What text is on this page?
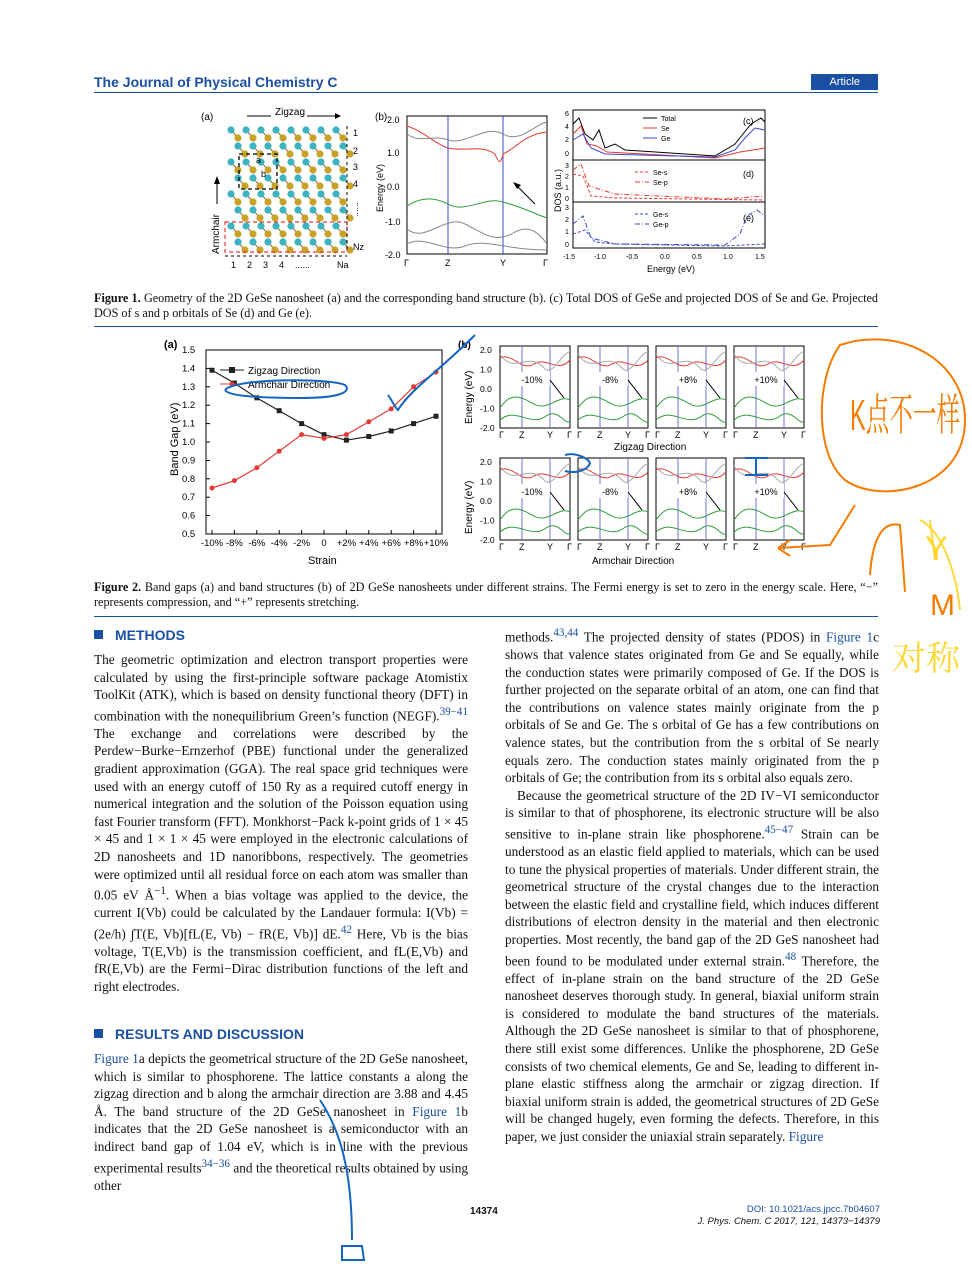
The Journal of Physical Chemistry C	Article
(a)	Zigzag
a
b
Armchair
1
2
3
4
......
Nz
1 2 3 4 ......	Na
(b)
Energy (eV)
2.0
1.0
0.0
-1.0
-2.0
Γ	Z	Y	Γ
DOS (a.u.)
6
4
2
0
3
2
1
0
3
2
1
0
Total
Se
Ge
(c)
Se-s
Se-p
(d)
Ge-s
Ge-p
(e)
-1.5	-1.0	-0.5	0.0	0.5	1.0	1.5
Energy (eV)
Figure 1. Geometry of the 2D GeSe nanosheet (a) and the corresponding band structure (b). (c) Total DOS of GeSe and projected DOS of Se and Ge. Projected DOS of s and p orbitals of Se (d) and Ge (e).
(a)
0.5
0.6
0.7
0.8
0.9
1.0
1.1
1.2
1.3
1.4
1.5
-10% -8% -6% -4% -2% 0 +2% +4% +6% +8% +10%
Band Gap (eV)
Strain
Zigzag Direction
Armchair Direction
(b)
Energy (eV)
Energy (eV)
Zigzag Direction
Armchair Direction
2.0
1.0
0.0
-1.0
-2.0
-10%
Γ Z	Y Γ
-8%
Γ Z	Y Γ
+8%
Γ Z	Y Γ
+10%
Γ Z	Y Γ
2.0
1.0
0.0
-1.0
-2.0
-10%
Γ Z	Y Γ
-8%
Γ Z	Y Γ
+8%
Γ Z	Y Γ
+10%
Γ Z	Y Γ
Figure 2. Band gaps (a) and band structures (b) of 2D GeSe nanosheets under different strains. The Fermi energy is set to zero in the energy scale. Here, “−” represents compression, and “+” represents stretching.
METHODS

The geometric optimization and electron transport properties were calculated by using the first-principle software package Atomistix ToolKit (ATK), which is based on density functional theory (DFT) in combination with the nonequilibrium Green’s function (NEGF).$^{39-41}$ The exchange and correlations were described by the Perdew−Burke−Ernzerhof (PBE) functional under the generalized gradient approximation (GGA). The real space grid techniques were used with an energy cutoff of 150 Ry as a required cutoff energy in numerical integration and the solution of the Poisson equation using fast Fourier transform (FFT). Monkhorst−Pack k-point grids of 1 × 45 × 45 and 1 × 1 × 45 were employed in the electronic calculations of 2D nanosheets and 1D nanoribbons, respectively. The geometries were optimized until all residual force on each atom was smaller than 0.05 eV $Å^{-1}$. When a bias voltage was applied to the device, the current I(Vb) could be calculated by the Landauer formula: I(Vb) = (2e/h) ∫T(E, Vb)[fL(E, Vb) − fR(E, Vb)] dE.$^{42}$ Here, Vb is the bias voltage, T(E,Vb) is the transmission coefficient, and fL(E,Vb) and fR(E,Vb) are the Fermi−Dirac distribution functions of the left and right electrodes.

RESULTS AND DISCUSSION

Figure 1a depicts the geometrical structure of the 2D GeSe nanosheet, which is similar to phosphorene. The lattice constants a along the zigzag direction and b along the armchair direction are 3.88 and 4.45 Å. The band structure of the 2D GeSe nanosheet in Figure 1b indicates that the 2D GeSe nanosheet is a semiconductor with an indirect band gap of 1.04 eV, which is in line with the previous experimental results$^{34-36}$ and the theoretical results obtained by using other

methods.$^{43,44}$ The projected density of states (PDOS) in Figure 1c shows that valence states originated from Ge and Se equally, while the conduction states were primarily composed of Ge. If the DOS is further projected on the separate orbital of an atom, one can find that the contributions on valence states mainly originate from the p orbitals of Se and Ge. The s orbital of Ge has a few contributions on valence states, but the contribution from the s orbital of Se nearly equals zero. The conduction states mainly originated from the p orbitals of Ge; the contribution from its s orbital also equals zero.

Because the geometrical structure of the 2D IV−VI semiconductor is similar to that of phosphorene, its electronic structure will be also sensitive to in-plane strain like phosphorene.$^{45-47}$ Strain can be understood as an elastic field applied to materials, which can be used to tune the physical properties of materials. Under different strain, the geometrical structure of the crystal changes due to the interaction between the elastic field and crystalline field, which induces different distributions of electron density in the material and then electronic properties. Most recently, the band gap of the 2D GeS nanosheet had been found to be modulated under external strain.$^{48}$ Therefore, the effect of in-plane strain on the band structure of the 2D GeSe nanosheet deserves thorough study. In general, biaxial uniform strain is considered to modulate the band structures of the materials. Although the 2D GeSe nanosheet is similar to that of phosphorene, there still exist some differences. Unlike the phosphorene, 2D GeSe consists of two chemical elements, Ge and Se, leading to different in-plane elastic stiffness along the armchair or zigzag direction. If biaxial uniform strain is added, the geometrical structures of 2D GeSe will be changed hugely, even forming the defects. Therefore, in this paper, we just consider the uniaxial strain separately. Figure

14374	DOI: 10.1021/acs.jpcc.7b04607
J. Phys. Chem. C 2017, 121, 14373−14379
K点不一样
Y
M
对称
D	I
